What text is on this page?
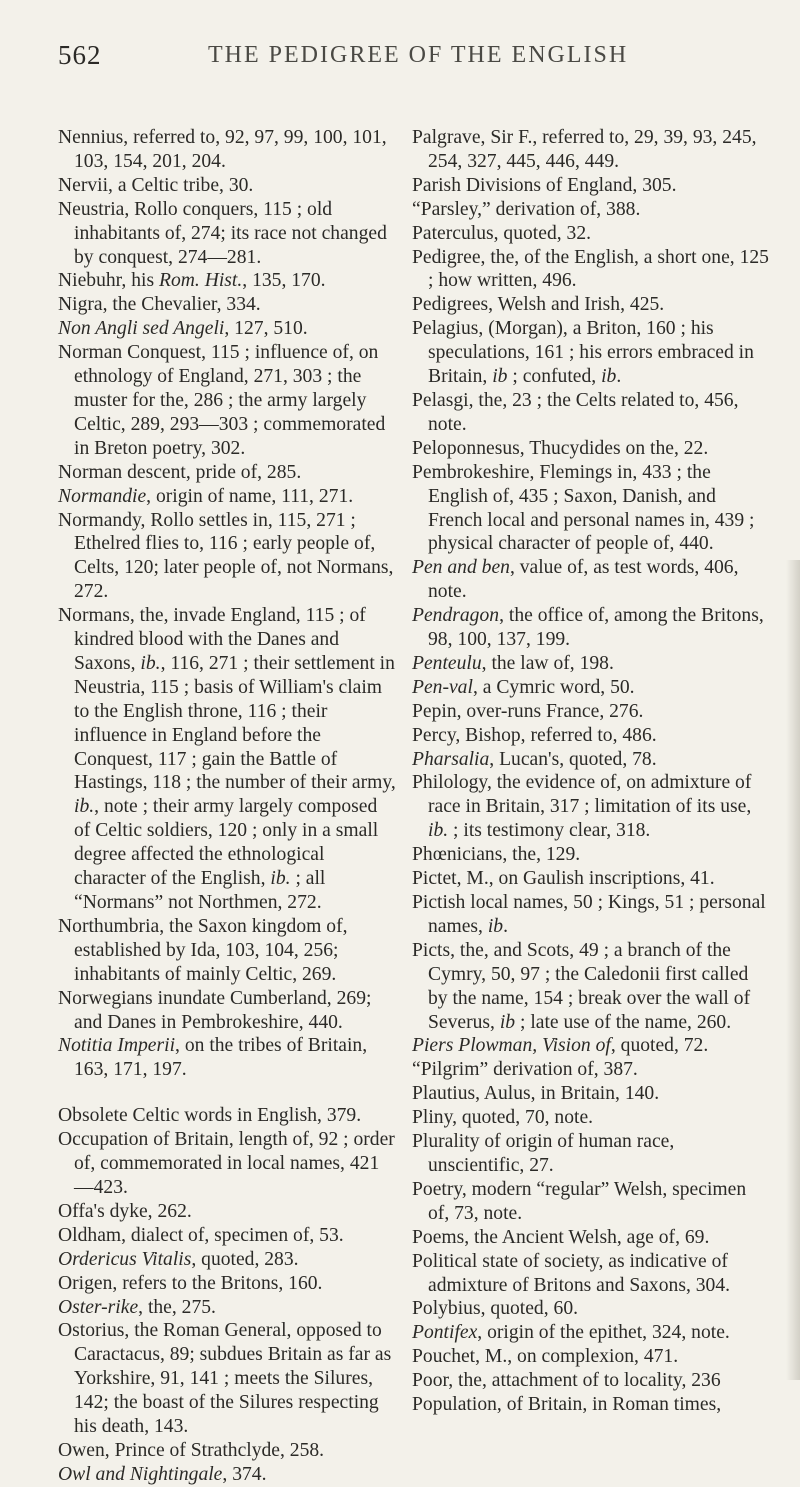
562	THE PEDIGREE OF THE ENGLISH

Nennius, referred to, 92, 97, 99, 100, 101, 103, 154, 201, 204.

Nervii, a Celtic tribe, 30.

Neustria, Rollo conquers, 115 ; old inhabitants of, 274; its race not changed by conquest, 274—281.

Niebuhr, his Rom. Hist., 135, 170.

Nigra, the Chevalier, 334.

Non Angli sed Angeli, 127, 510.

Norman Conquest, 115 ; influence of, on ethnology of England, 271, 303 ; the muster for the, 286 ; the army largely Celtic, 289, 293—303 ; commemorated in Breton poetry, 302.

Norman descent, pride of, 285.

Normandie, origin of name, 111, 271.

Normandy, Rollo settles in, 115, 271 ; Ethelred flies to, 116 ; early people of, Celts, 120; later people of, not Normans, 272.

Normans, the, invade England, 115 ; of kindred blood with the Danes and Saxons, ib., 116, 271 ; their settlement in Neustria, 115 ; basis of William's claim to the English throne, 116 ; their influence in England before the Conquest, 117 ; gain the Battle of Hastings, 118 ; the number of their army, ib., note ; their army largely composed of Celtic soldiers, 120 ; only in a small degree affected the ethnological character of the English, ib. ; all “Normans” not Northmen, 272.

Northumbria, the Saxon kingdom of, established by Ida, 103, 104, 256; inhabitants of mainly Celtic, 269.

Norwegians inundate Cumberland, 269; and Danes in Pembrokeshire, 440.

Notitia Imperii, on the tribes of Britain, 163, 171, 197.

Obsolete Celtic words in English, 379.

Occupation of Britain, length of, 92 ; order of, commemorated in local names, 421—423.

Offa's dyke, 262.

Oldham, dialect of, specimen of, 53.

Ordericus Vitalis, quoted, 283.

Origen, refers to the Britons, 160.

Oster-rike, the, 275.

Ostorius, the Roman General, opposed to Caractacus, 89; subdues Britain as far as Yorkshire, 91, 141 ; meets the Silures, 142; the boast of the Silures respecting his death, 143.

Owen, Prince of Strathclyde, 258.

Owl and Nightingale, 374.

Palgrave, Sir F., referred to, 29, 39, 93, 245, 254, 327, 445, 446, 449.

Parish Divisions of England, 305.

“Parsley,” derivation of, 388.

Paterculus, quoted, 32.

Pedigree, the, of the English, a short one, 125 ; how written, 496.

Pedigrees, Welsh and Irish, 425.

Pelagius, (Morgan), a Briton, 160 ; his speculations, 161 ; his errors embraced in Britain, ib ; confuted, ib.

Pelasgi, the, 23 ; the Celts related to, 456, note.

Peloponnesus, Thucydides on the, 22.

Pembrokeshire, Flemings in, 433 ; the English of, 435 ; Saxon, Danish, and French local and personal names in, 439 ; physical character of people of, 440.

Pen and ben, value of, as test words, 406, note.

Pendragon, the office of, among the Britons, 98, 100, 137, 199.

Penteulu, the law of, 198.

Pen-val, a Cymric word, 50.

Pepin, over-runs France, 276.

Percy, Bishop, referred to, 486.

Pharsalia, Lucan's, quoted, 78.

Philology, the evidence of, on admixture of race in Britain, 317 ; limitation of its use, ib. ; its testimony clear, 318.

Phœnicians, the, 129.

Pictet, M., on Gaulish inscriptions, 41.

Pictish local names, 50 ; Kings, 51 ; personal names, ib.

Picts, the, and Scots, 49 ; a branch of the Cymry, 50, 97 ; the Caledonii first called by the name, 154 ; break over the wall of Severus, ib ; late use of the name, 260.

Piers Plowman, Vision of, quoted, 72.

“Pilgrim” derivation of, 387.

Plautius, Aulus, in Britain, 140.

Pliny, quoted, 70, note.

Plurality of origin of human race, unscientific, 27.

Poetry, modern “regular” Welsh, specimen of, 73, note.

Poems, the Ancient Welsh, age of, 69.

Political state of society, as indicative of admixture of Britons and Saxons, 304.

Polybius, quoted, 60.

Pontifex, origin of the epithet, 324, note.

Pouchet, M., on complexion, 471.

Poor, the, attachment of to locality, 236

Population, of Britain, in Roman times,
